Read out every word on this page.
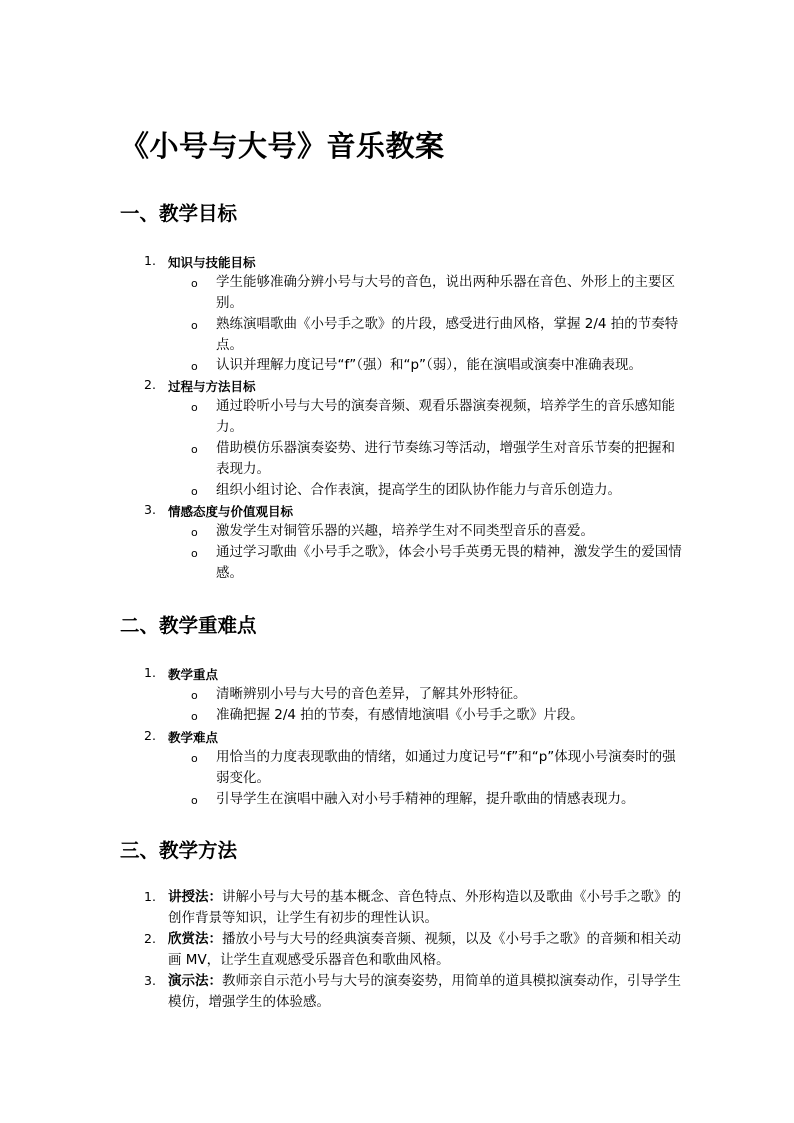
《小号与大号》音乐教案
一、教学目标
1. 知识与技能目标
o 学生能够准确分辨小号与大号的音色，说出两种乐器在音色、外形上的主要区别。
o 熟练演唱歌曲《小号手之歌》的片段，感受进行曲风格，掌握 2/4 拍的节奏特点。
o 认识并理解力度记号“f”（强）和“p”（弱），能在演唱或演奏中准确表现。
2. 过程与方法目标
o 通过聆听小号与大号的演奏音频、观看乐器演奏视频，培养学生的音乐感知能力。
o 借助模仿乐器演奏姿势、进行节奏练习等活动，增强学生对音乐节奏的把握和表现力。
o 组织小组讨论、合作表演，提高学生的团队协作能力与音乐创造力。
3. 情感态度与价值观目标
o 激发学生对铜管乐器的兴趣，培养学生对不同类型音乐的喜爱。
o 通过学习歌曲《小号手之歌》，体会小号手英勇无畏的精神，激发学生的爱国情感。
二、教学重难点
1. 教学重点
o 清晰辨别小号与大号的音色差异，了解其外形特征。
o 准确把握 2/4 拍的节奏，有感情地演唱《小号手之歌》片段。
2. 教学难点
o 用恰当的力度表现歌曲的情绪，如通过力度记号“f”和“p”体现小号演奏时的强弱变化。
o 引导学生在演唱中融入对小号手精神的理解，提升歌曲的情感表现力。
三、教学方法
1. 讲授法：讲解小号与大号的基本概念、音色特点、外形构造以及歌曲《小号手之歌》的创作背景等知识，让学生有初步的理性认识。
2. 欣赏法：播放小号与大号的经典演奏音频、视频，以及《小号手之歌》的音频和相关动画 MV，让学生直观感受乐器音色和歌曲风格。
3. 演示法：教师亲自示范小号与大号的演奏姿势，用简单的道具模拟演奏动作，引导学生模仿，增强学生的体验感。
